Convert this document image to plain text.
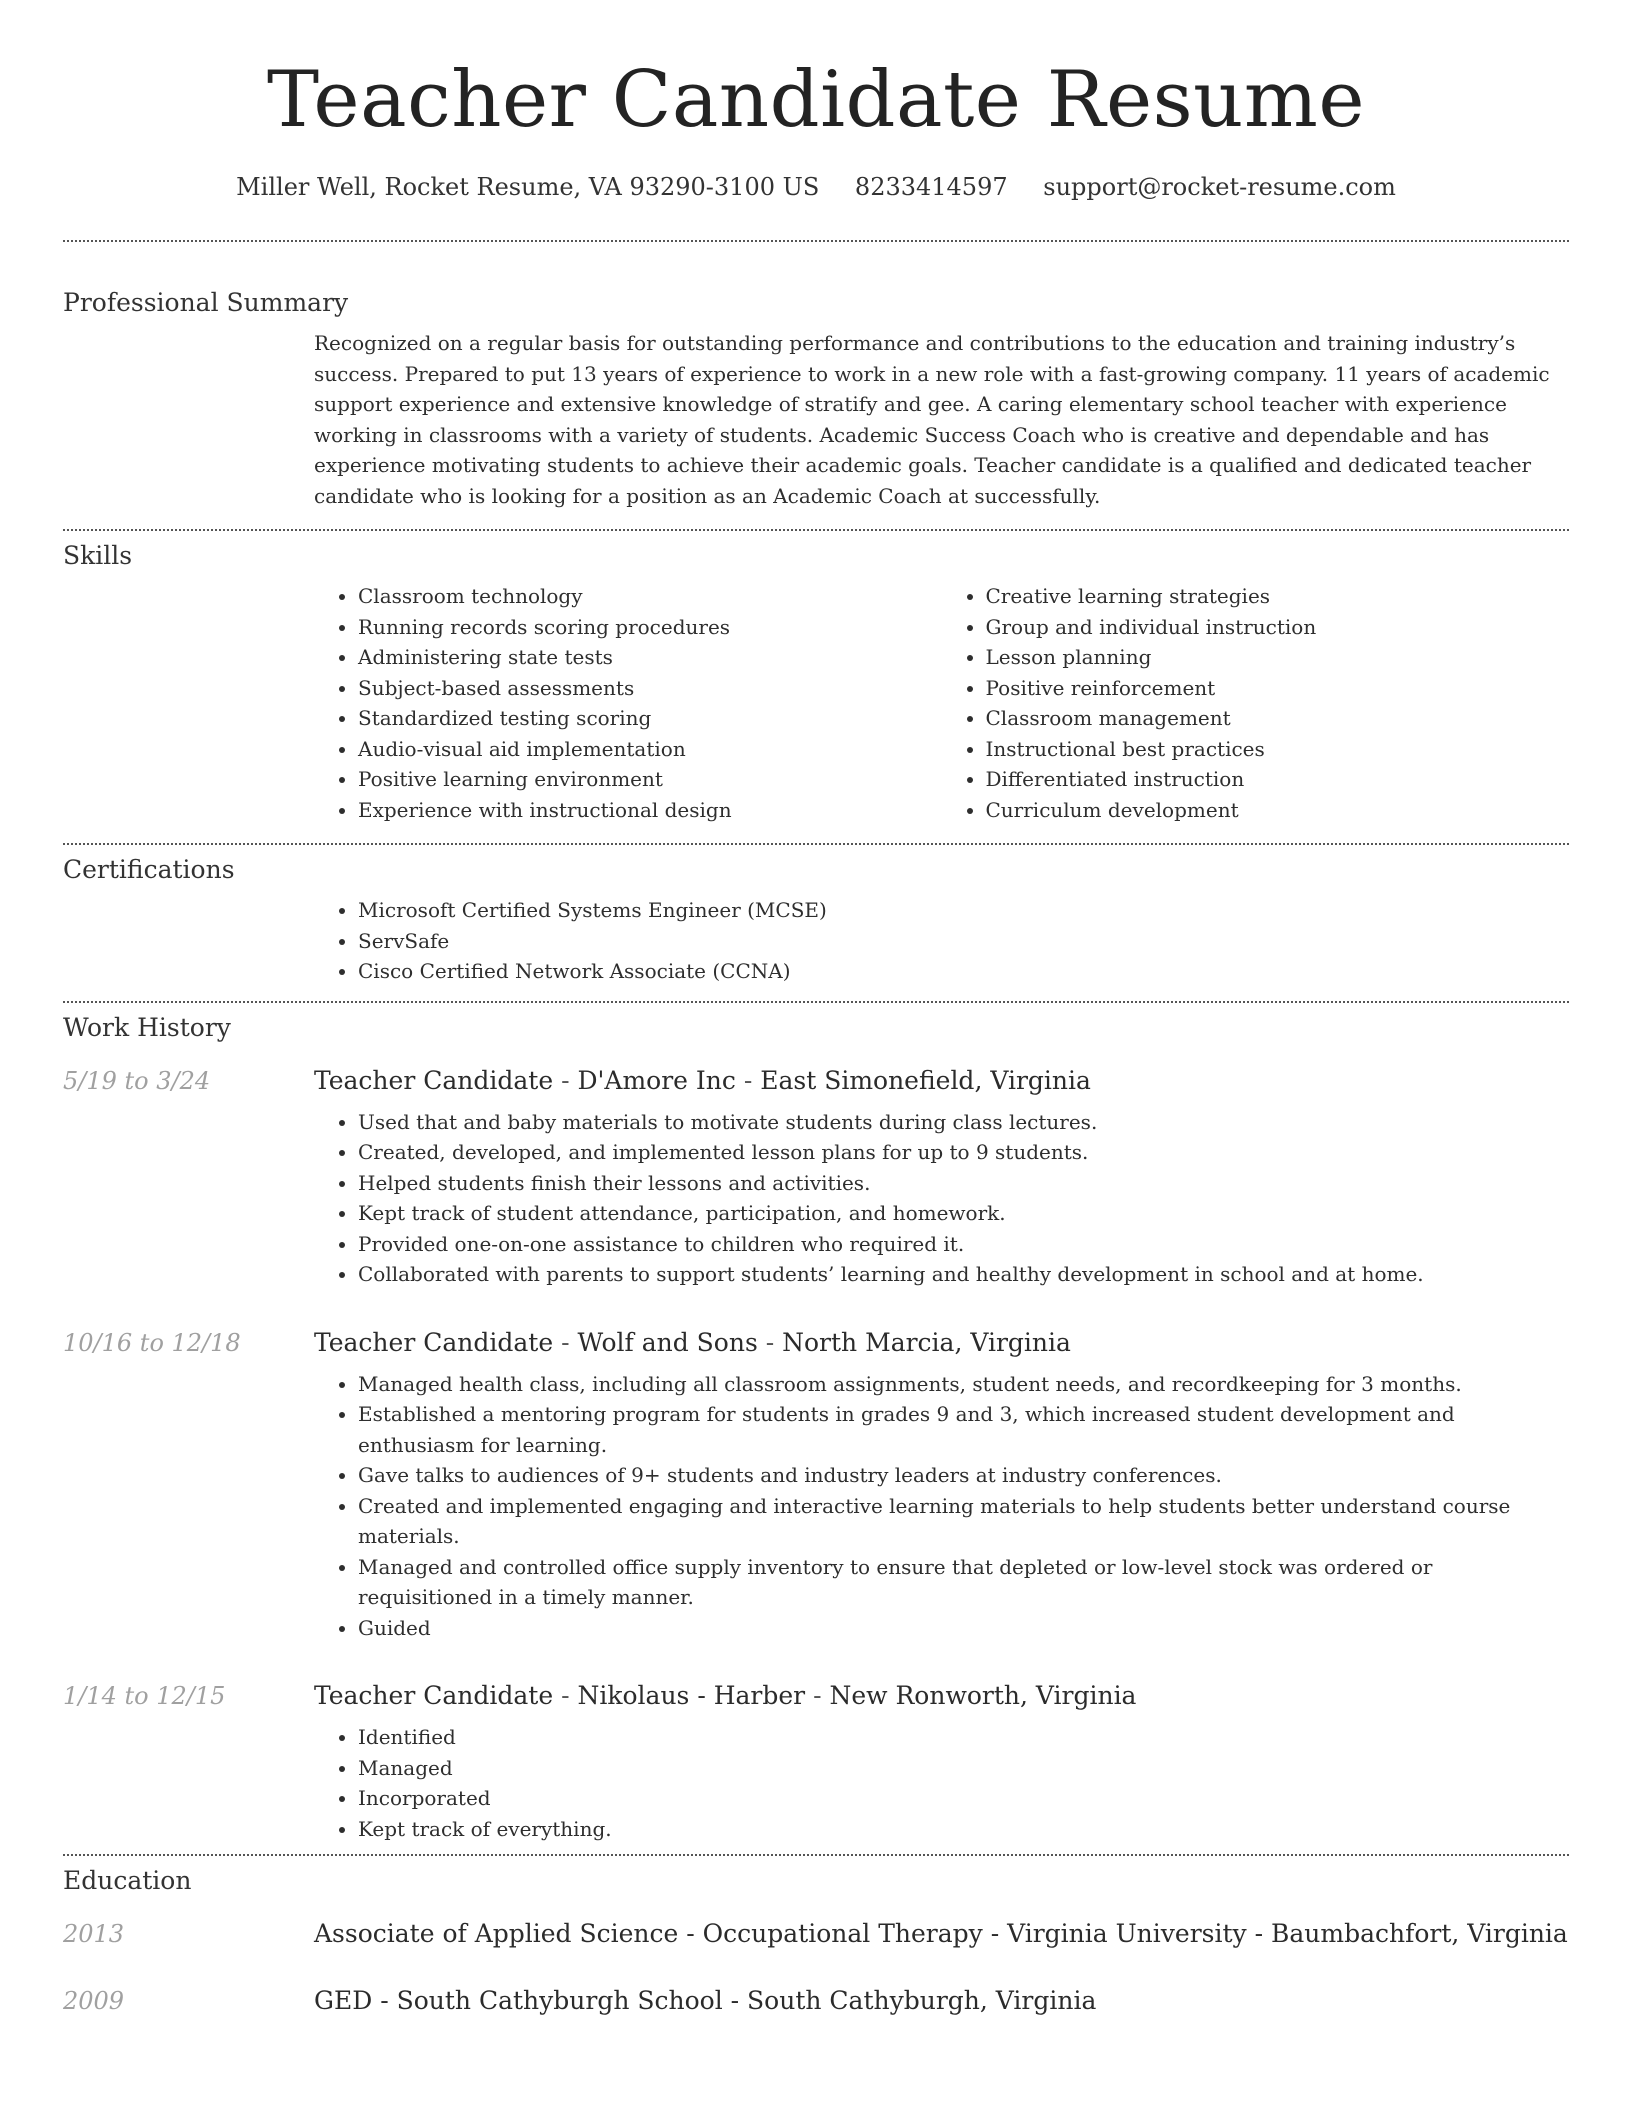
Teacher Candidate Resume
Miller Well, Rocket Resume, VA 93290-3100 US 8233414597 support@rocket-resume.com
Professional Summary

Recognized on a regular basis for outstanding performance and contributions to the education and training industry’s success. Prepared to put 13 years of experience to work in a new role with a fast-growing company. 11 years of academic support experience and extensive knowledge of stratify and gee. A caring elementary school teacher with experience working in classrooms with a variety of students. Academic Success Coach who is creative and dependable and has experience motivating students to achieve their academic goals. Teacher candidate is a qualified and dedicated teacher candidate who is looking for a position as an Academic Coach at successfully.

Skills
• Classroom technology
• Running records scoring procedures
• Administering state tests
• Subject-based assessments
• Standardized testing scoring
• Audio-visual aid implementation
• Positive learning environment
• Experience with instructional design
• Creative learning strategies
• Group and individual instruction
• Lesson planning
• Positive reinforcement
• Classroom management
• Instructional best practices
• Differentiated instruction
• Curriculum development
Certifications
• Microsoft Certified Systems Engineer (MCSE)
• ServSafe
• Cisco Certified Network Associate (CCNA)
Work History
5/19 to 3/24	Teacher Candidate - D'Amore Inc - East Simonefield, Virginia
• Used that and baby materials to motivate students during class lectures.
• Created, developed, and implemented lesson plans for up to 9 students.
• Helped students finish their lessons and activities.
• Kept track of student attendance, participation, and homework.
• Provided one-on-one assistance to children who required it.
• Collaborated with parents to support students’ learning and healthy development in school and at home.
10/16 to 12/18	Teacher Candidate - Wolf and Sons - North Marcia, Virginia
• Managed health class, including all classroom assignments, student needs, and recordkeeping for 3 months.
• Established a mentoring program for students in grades 9 and 3, which increased student development and enthusiasm for learning.
• Gave talks to audiences of 9+ students and industry leaders at industry conferences.
• Created and implemented engaging and interactive learning materials to help students better understand course materials.
• Managed and controlled office supply inventory to ensure that depleted or low-level stock was ordered or requisitioned in a timely manner.
• Guided
1/14 to 12/15	Teacher Candidate - Nikolaus - Harber - New Ronworth, Virginia
• Identified
• Managed
• Incorporated
• Kept track of everything.
Education
2013	Associate of Applied Science - Occupational Therapy - Virginia University - Baumbachfort, Virginia
2009	GED - South Cathyburgh School - South Cathyburgh, Virginia
